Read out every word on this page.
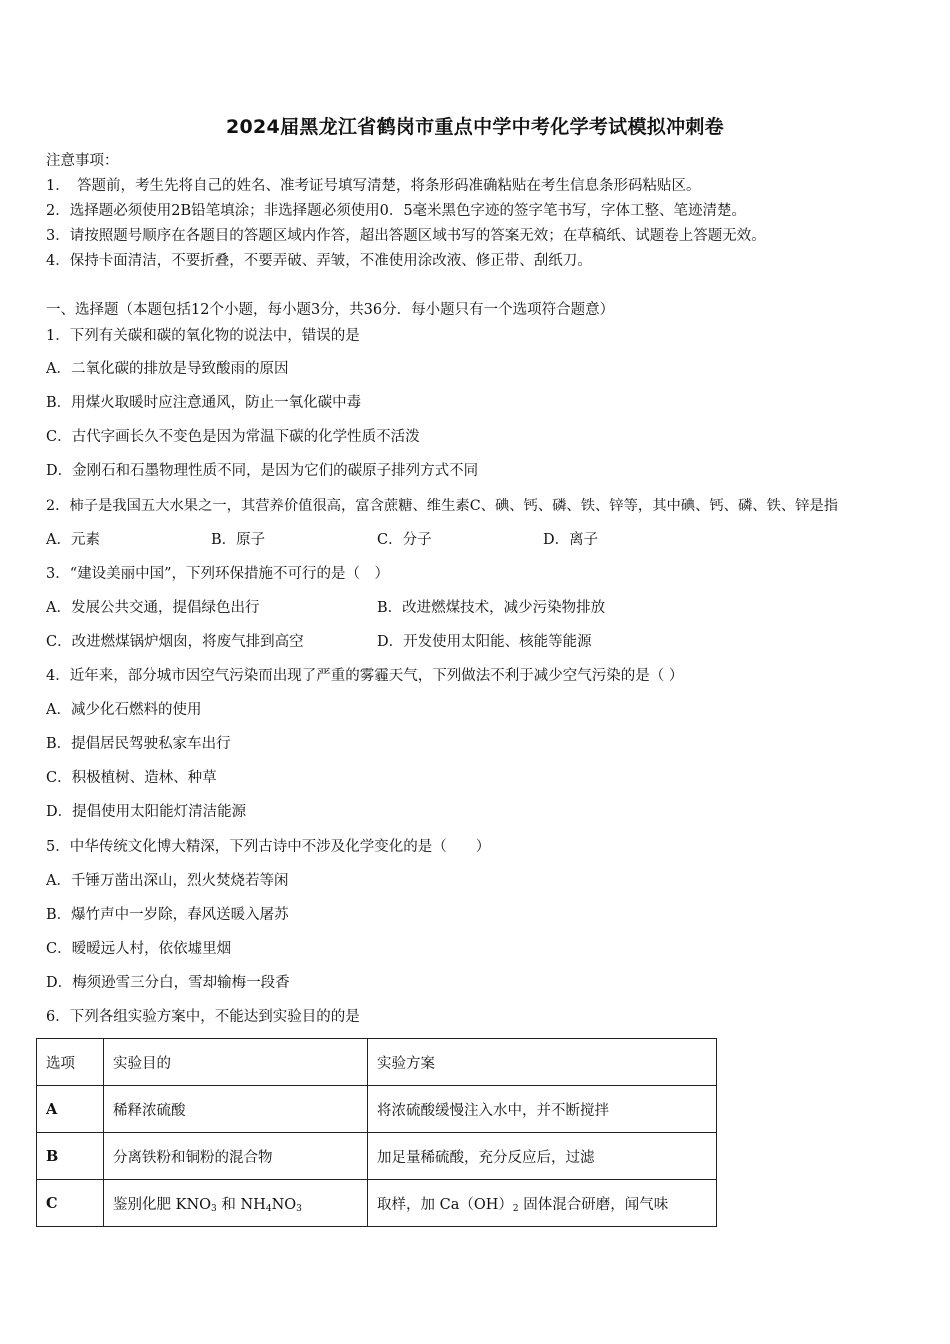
2024届黑龙江省鹤岗市重点中学中考化学考试模拟冲刺卷
注意事项：
1．　答题前，考生先将自己的姓名、准考证号填写清楚，将条形码准确粘贴在考生信息条形码粘贴区。
2．选择题必须使用2B铅笔填涂；非选择题必须使用0．5毫米黑色字迹的签字笔书写，字体工整、笔迹清楚。
3．请按照题号顺序在各题目的答题区域内作答，超出答题区域书写的答案无效；在草稿纸、试题卷上答题无效。
4．保持卡面清洁，不要折叠，不要弄破、弄皱，不准使用涂改液、修正带、刮纸刀。
一、选择题（本题包括12个小题，每小题3分，共36分．每小题只有一个选项符合题意）
1．下列有关碳和碳的氧化物的说法中，错误的是
A．二氧化碳的排放是导致酸雨的原因
B．用煤火取暖时应注意通风，防止一氧化碳中毒
C．古代字画长久不变色是因为常温下碳的化学性质不活泼
D．金刚石和石墨物理性质不同，是因为它们的碳原子排列方式不同
2．柿子是我国五大水果之一，其营养价值很高，富含蔗糖、维生素C、碘、钙、磷、铁、锌等，其中碘、钙、磷、铁、锌是指
A．元素	B．原子	C．分子	D．离子
3．“建设美丽中国”，下列环保措施不可行的是（　）
A．发展公共交通，提倡绿色出行	B．改进燃煤技术，减少污染物排放
C．改进燃煤锅炉烟囱，将废气排到高空	D．开发使用太阳能、核能等能源
4．近年来，部分城市因空气污染而出现了严重的雾霾天气，下列做法不利于减少空气污染的是（ ）
A．减少化石燃料的使用
B．提倡居民驾驶私家车出行
C．积极植树、造林、种草
D．提倡使用太阳能灯清洁能源
5．中华传统文化博大精深，下列古诗中不涉及化学变化的是（　　）
A．千锤万凿出深山，烈火焚烧若等闲
B．爆竹声中一岁除，春风送暖入屠苏
C．暧暧远人村，依依墟里烟
D．梅须逊雪三分白，雪却输梅一段香
6．下列各组实验方案中，不能达到实验目的的是
选项	实验目的	实验方案
A	稀释浓硫酸	将浓硫酸缓慢注入水中，并不断搅拌
B	分离铁粉和铜粉的混合物	加足量稀硫酸，充分反应后，过滤
C	鉴别化肥 $KNO_3$ 和 $NH_4NO_3$	取样，加 $Ca(OH)_2$ 固体混合研磨，闻气味
